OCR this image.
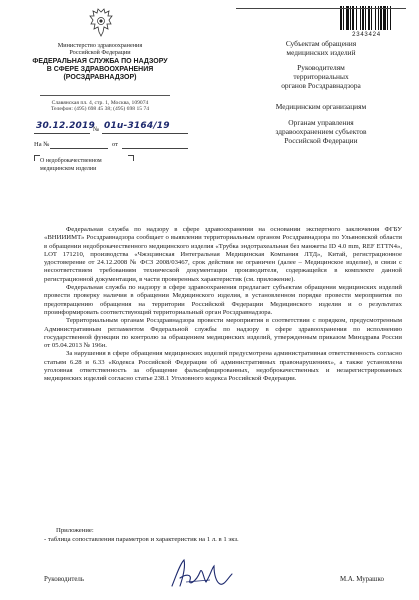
2343424
Министерство здравоохранения
Российской Федерации
ФЕДЕРАЛЬНАЯ СЛУЖБА ПО НАДЗОРУ
В СФЕРЕ ЗДРАВООХРАНЕНИЯ
(РОСЗДРАВНАДЗОР)
Славянская пл. 4, стр. 1, Москва, 109074
Телефон: (495) 698 45 38; (495) 698 15 74
30.12.2019
№ 01u-3164/19
На №	от
О недоброкачественном
медицинском изделии
Субъектам обращения
медицинских изделий
Руководителям
территориальных
органов Росздравнадзора
Медицинским организациям
Органам управления
здравоохранением субъектов
Российской Федерации

Федеральная служба по надзору в сфере здравоохранения на основании экспертного заключения ФГБУ «ВНИИИМТ» Росздравнадзора сообщает о выявлении территориальным органом Росздравнадзора по Ульяновской области в обращении недоброкачественного медицинского изделия «Трубка эндотрахеальная без манжеты ID 4.0 mm, REF ETTN4», LOT 171210, производства «Чжэцзянская Интегральная Медицинская Компания ЛТД», Китай, регистрационное удостоверение от 24.12.2008 № ФСЗ 2008/03467, срок действия не ограничен (далее – Медицинское изделие), в связи с несоответствием требованиям технической документации производителя, содержащейся в комплекте данной регистрационной документации, в части проверенных характеристик (см. приложение).

Федеральная служба по надзору в сфере здравоохранения предлагает субъектам обращения медицинских изделий провести проверку наличия в обращении Медицинского изделия, в установленном порядке провести мероприятия по предотвращению обращения на территории Российской Федерации Медицинского изделия и о результатах проинформировать соответствующий территориальный орган Росздравнадзора.

Территориальным органам Росздравнадзора провести мероприятия в соответствии с порядком, предусмотренным Административным регламентом Федеральной службы по надзору в сфере здравоохранения по исполнению государственной функции по контролю за обращением медицинских изделий, утвержденным приказом Минздрава России от 05.04.2013 № 196н.

За нарушения в сфере обращения медицинских изделий предусмотрена административная ответственность согласно статьям 6.28 и 6.33 «Кодекса Российской Федерации об административных правонарушениях», а также установлена уголовная ответственность за обращение фальсифицированных, недоброкачественных и незарегистрированных медицинских изделий согласно статье 238.1 Уголовного кодекса Российской Федерации.

Приложение:
- таблица сопоставления параметров и характеристик на 1 л. в 1 экз.
Руководитель	М.А. Мурашко
